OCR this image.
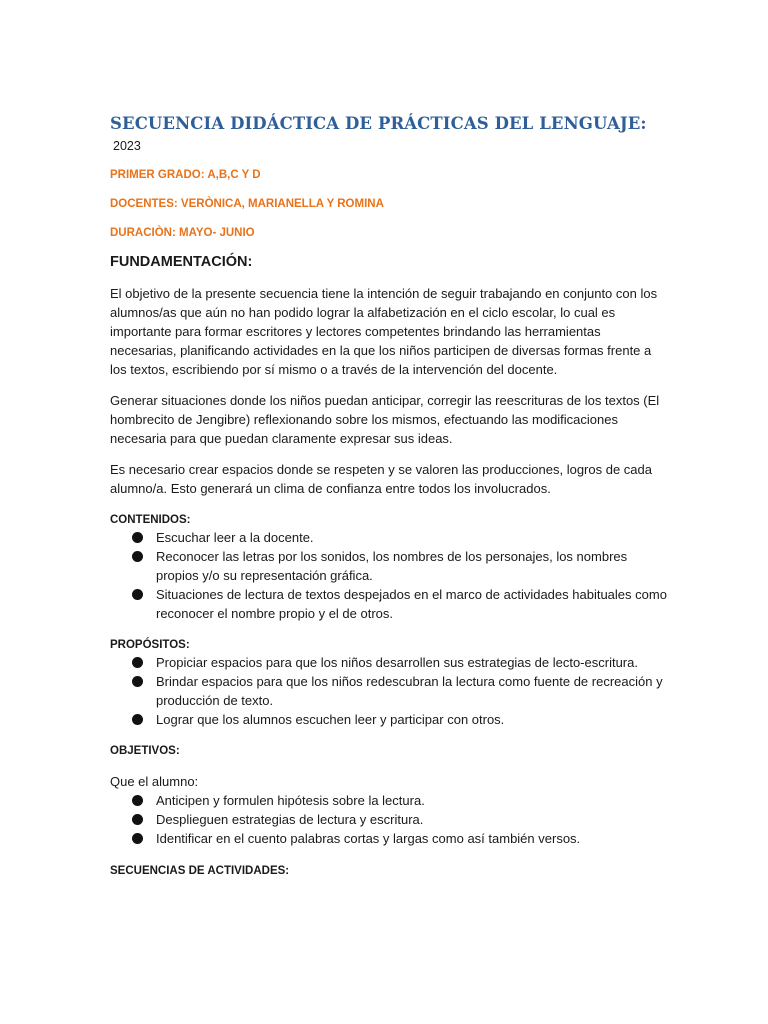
SECUENCIA DIDÁCTICA DE PRÁCTICAS DEL LENGUAJE:
2023

PRIMER GRADO: A,B,C Y D

DOCENTES: VERÒNICA, MARIANELLA Y ROMINA

DURACIÒN: MAYO- JUNIO

FUNDAMENTACIÓN:

El objetivo de la presente secuencia tiene la intención de seguir trabajando en conjunto con los alumnos/as que aún no han podido lograr la alfabetización en el ciclo escolar, lo cual es importante para formar escritores y lectores competentes brindando las herramientas necesarias, planificando actividades en la que los niños participen de diversas formas frente a los textos, escribiendo por sí mismo o a través de la intervención del docente.

Generar situaciones donde los niños puedan anticipar, corregir las reescrituras de los textos (El hombrecito de Jengibre) reflexionando sobre los mismos, efectuando las modificaciones necesaria para que puedan claramente expresar sus ideas.

Es necesario crear espacios donde se respeten y se valoren las producciones, logros de cada alumno/a. Esto generará un clima de confianza entre todos los involucrados.

CONTENIDOS:

Escuchar leer a la docente.
Reconocer las letras por los sonidos, los nombres de los personajes, los nombres propios y/o su representación gráfica.
Situaciones de lectura de textos despejados en el marco de actividades habituales como reconocer el nombre propio y el de otros.

PROPÓSITOS:

Propiciar espacios para que los niños desarrollen sus estrategias de lecto-escritura.
Brindar espacios para que los niños redescubran la lectura como fuente de recreación y producción de texto.
Lograr que los alumnos escuchen leer y participar con otros.

OBJETIVOS:

Que el alumno:

Anticipen y formulen hipótesis sobre la lectura.
Desplieguen estrategias de lectura y escritura.
Identificar en el cuento palabras cortas y largas como así también versos.

SECUENCIAS DE ACTIVIDADES:
